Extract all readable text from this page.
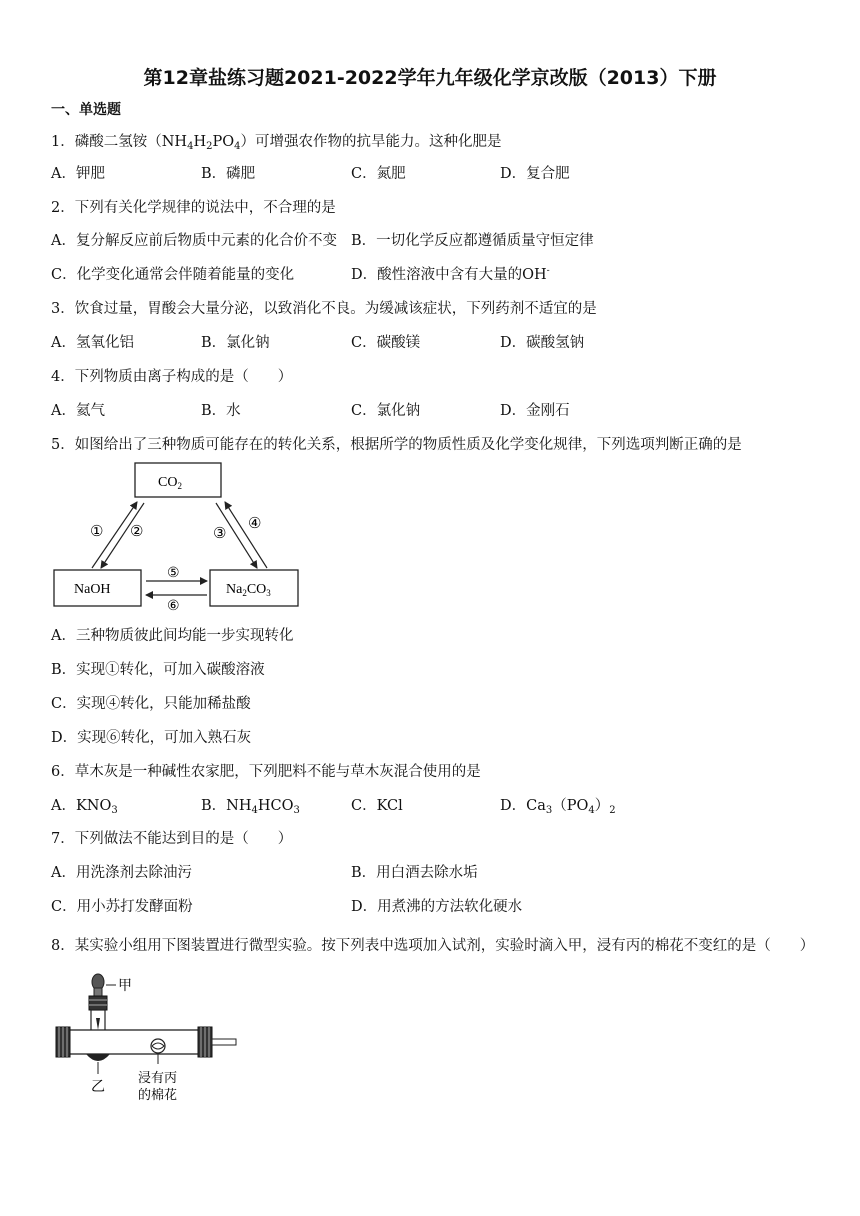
第12章盐练习题2021-2022学年九年级化学京改版（2013）下册
一、单选题
1．磷酸二氢铵$(NH_4H_2PO_4)$可增强农作物的抗旱能力。这种化肥是
A．钾肥	B．磷肥	C．氮肥	D．复合肥
2．下列有关化学规律的说法中，不合理的是
A．复分解反应前后物质中元素的化合价不变 B．一切化学反应都遵循质量守恒定律
C．化学变化通常会伴随着能量的变化	D．酸性溶液中含有大量的OH-
3．饮食过量，胃酸会大量分泌，以致消化不良。为缓减该症状，下列药剂不适宜的是
A．氢氧化铝	B．氯化钠	C．碳酸镁	D．碳酸氢钠
4．下列物质由离子构成的是（　　）
A．氦气	B．水	C．氯化钠	D．金刚石
5．如图给出了三种物质可能存在的转化关系，根据所学的物质性质及化学变化规律，下列选项判断正确的是
$CO_2$
NaOH	$Na_2CO_3$
① ②	③
④
⑤
⑥
A．三种物质彼此间均能一步实现转化
B．实现①转化，可加入碳酸溶液
C．实现④转化，只能加稀盐酸
D．实现⑥转化，可加入熟石灰
6．草木灰是一种碱性农家肥，下列肥料不能与草木灰混合使用的是
A．$KNO_3$	B．$NH_4HCO_3$	C．KCl	D．$Ca_3(PO_4)_2$
7．下列做法不能达到目的是（　　）
A．用洗涤剂去除油污	B．用白酒去除水垢
C．用小苏打发酵面粉	D．用煮沸的方法软化硬水
8．某实验小组用下图装置进行微型实验。按下列表中选项加入试剂，实验时滴入甲，浸有丙的棉花不变红的是（　　）
甲
乙
浸有丙
的棉花
